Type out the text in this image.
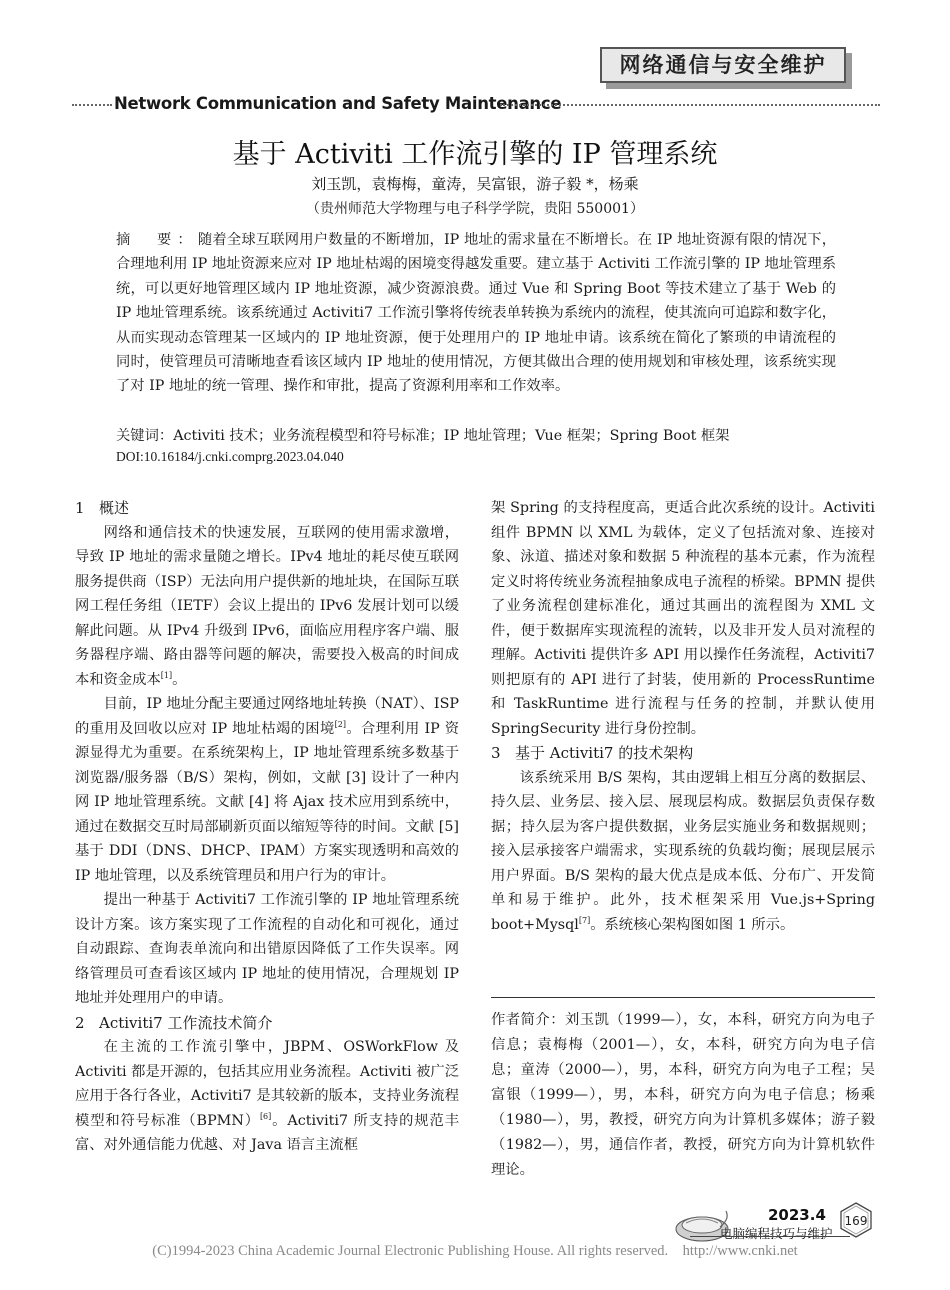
网络通信与安全维护
Network Communication and Safety Maintenance
基于 Activiti 工作流引擎的 IP 管理系统
刘玉凯，袁梅梅，童涛，吴富银，游子毅 *，杨乘
（贵州师范大学物理与电子科学学院，贵阳 550001）
摘　要：随着全球互联网用户数量的不断增加，IP 地址的需求量在不断增长。在 IP 地址资源有限的情况下，合理地利用 IP 地址资源来应对 IP 地址枯竭的困境变得越发重要。建立基于 Activiti 工作流引擎的 IP 地址管理系统，可以更好地管理区域内 IP 地址资源，减少资源浪费。通过 Vue 和 Spring Boot 等技术建立了基于 Web 的 IP 地址管理系统。该系统通过 Activiti7 工作流引擎将传统表单转换为系统内的流程，使其流向可追踪和数字化，从而实现动态管理某一区域内的 IP 地址资源，便于处理用户的 IP 地址申请。该系统在简化了繁琐的申请流程的同时，使管理员可清晰地查看该区域内 IP 地址的使用情况，方便其做出合理的使用规划和审核处理，该系统实现了对 IP 地址的统一管理、操作和审批，提高了资源利用率和工作效率。
关键词：Activiti 技术；业务流程模型和符号标准；IP 地址管理；Vue 框架；Spring Boot 框架
DOI:10.16184/j.cnki.comprg.2023.04.040
1 概述

网络和通信技术的快速发展，互联网的使用需求激增，导致 IP 地址的需求量随之增长。IPv4 地址的耗尽使互联网服务提供商（ISP）无法向用户提供新的地址块，在国际互联网工程任务组（IETF）会议上提出的 IPv6 发展计划可以缓解此问题。从 IPv4 升级到 IPv6，面临应用程序客户端、服务器程序端、路由器等问题的解决，需要投入极高的时间成本和资金成本[1]。

目前，IP 地址分配主要通过网络地址转换（NAT）、ISP 的重用及回收以应对 IP 地址枯竭的困境[2]。合理利用 IP 资源显得尤为重要。在系统架构上，IP 地址管理系统多数基于浏览器/服务器（B/S）架构，例如，文献 [3] 设计了一种内网 IP 地址管理系统。文献 [4] 将 Ajax 技术应用到系统中，通过在数据交互时局部刷新页面以缩短等待的时间。文献 [5] 基于 DDI（DNS、DHCP、IPAM）方案实现透明和高效的 IP 地址管理，以及系统管理员和用户行为的审计。

提出一种基于 Activiti7 工作流引擎的 IP 地址管理系统设计方案。该方案实现了工作流程的自动化和可视化，通过自动跟踪、查询表单流向和出错原因降低了工作失误率。网络管理员可查看该区域内 IP 地址的使用情况，合理规划 IP 地址并处理用户的申请。

2 Activiti7 工作流技术简介

在主流的工作流引擎中，JBPM、OSWorkFlow 及 Activiti 都是开源的，包括其应用业务流程。Activiti 被广泛应用于各行各业，Activiti7 是其较新的版本，支持业务流程模型和符号标准（BPMN）[6]。Activiti7 所支持的规范丰富、对外通信能力优越、对 Java 语言主流框

架 Spring 的支持程度高，更适合此次系统的设计。Activiti 组件 BPMN 以 XML 为载体，定义了包括流对象、连接对象、泳道、描述对象和数据 5 种流程的基本元素，作为流程定义时将传统业务流程抽象成电子流程的桥梁。BPMN 提供了业务流程创建标准化，通过其画出的流程图为 XML 文件，便于数据库实现流程的流转，以及非开发人员对流程的理解。Activiti 提供许多 API 用以操作任务流程，Activiti7 则把原有的 API 进行了封装，使用新的 ProcessRuntime 和 TaskRuntime 进行流程与任务的控制，并默认使用 SpringSecurity 进行身份控制。

3 基于 Activiti7 的技术架构

该系统采用 B/S 架构，其由逻辑上相互分离的数据层、持久层、业务层、接入层、展现层构成。数据层负责保存数据；持久层为客户提供数据，业务层实施业务和数据规则；接入层承接客户端需求，实现系统的负载均衡；展现层展示用户界面。B/S 架构的最大优点是成本低、分布广、开发简单和易于维护。此外，技术框架采用 Vue.js+Spring boot+Mysql[7]。系统核心架构图如图 1 所示。

作者简介：刘玉凯（1999—），女，本科，研究方向为电子信息；袁梅梅（2001—），女，本科，研究方向为电子信息；童涛（2000—），男，本科，研究方向为电子工程；吴富银（1999—），男，本科，研究方向为电子信息；杨乘（1980—），男，教授，研究方向为计算机多媒体；游子毅（1982—），男，通信作者，教授，研究方向为计算机软件理论。
2023.4
电脑编程技巧与维护
169
(C)1994-2023 China Academic Journal Electronic Publishing House. All rights reserved.    http://www.cnki.net
